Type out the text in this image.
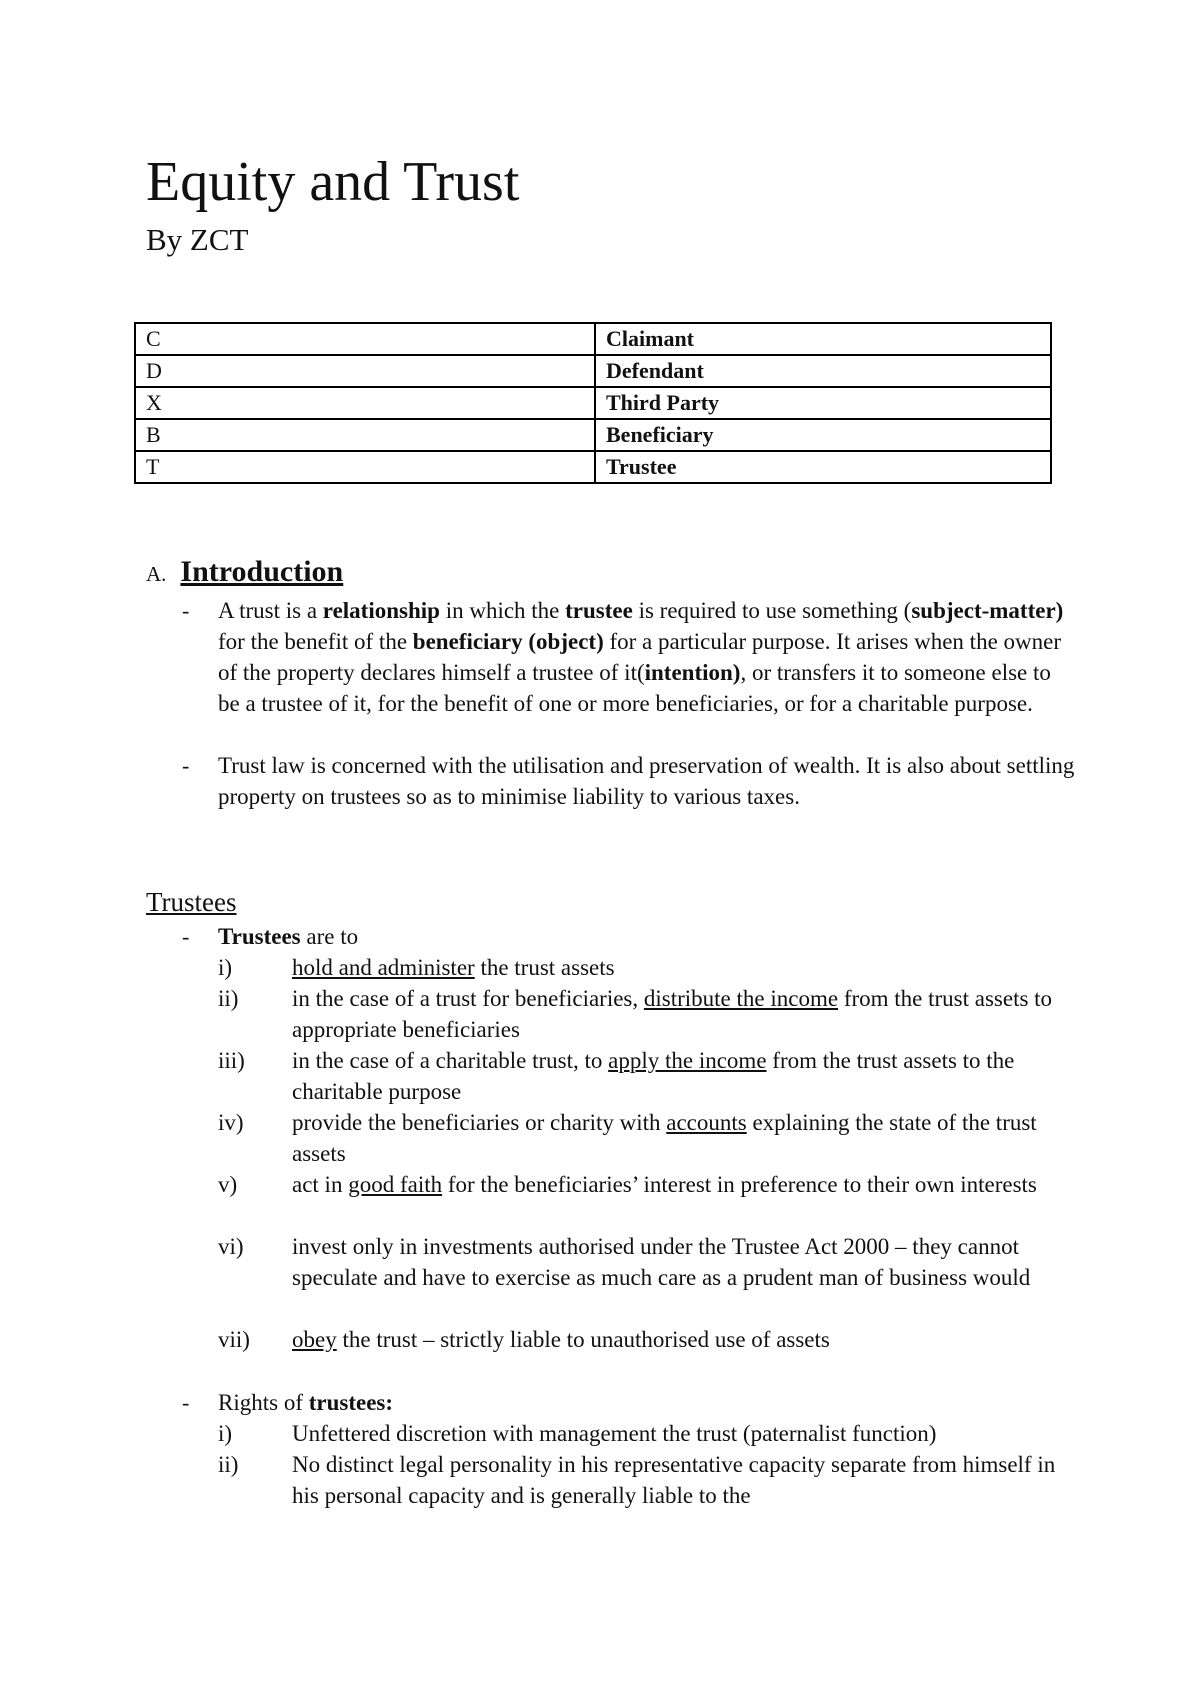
Equity and Trust
By ZCT
C	Claimant
D	Defendant
X	Third Party
B	Beneficiary
T	Trustee
A. Introduction
- A trust is a relationship in which the trustee is required to use something (subject-matter) for the benefit of the beneficiary (object) for a particular purpose. It arises when the owner of the property declares himself a trustee of it(intention), or transfers it to someone else to be a trustee of it, for the benefit of one or more beneficiaries, or for a charitable purpose.

- Trust law is concerned with the utilisation and preservation of wealth. It is also about settling property on trustees so as to minimise liability to various taxes.

Trustees
- Trustees are to

i)	hold and administer the trust assets

ii)	in the case of a trust for beneficiaries, distribute the income from the trust assets to appropriate beneficiaries

iii)	in the case of a charitable trust, to apply the income from the trust assets to the charitable purpose

iv)	provide the beneficiaries or charity with accounts explaining the state of the trust assets

v)	act in good faith for the beneficiaries’ interest in preference to their own interests

vi)	invest only in investments authorised under the Trustee Act 2000 – they cannot speculate and have to exercise as much care as a prudent man of business would

vii)	obey the trust – strictly liable to unauthorised use of assets

- Rights of trustees:

i)	Unfettered discretion with management the trust (paternalist function)

ii)	No distinct legal personality in his representative capacity separate from himself in his personal capacity and is generally liable to the
